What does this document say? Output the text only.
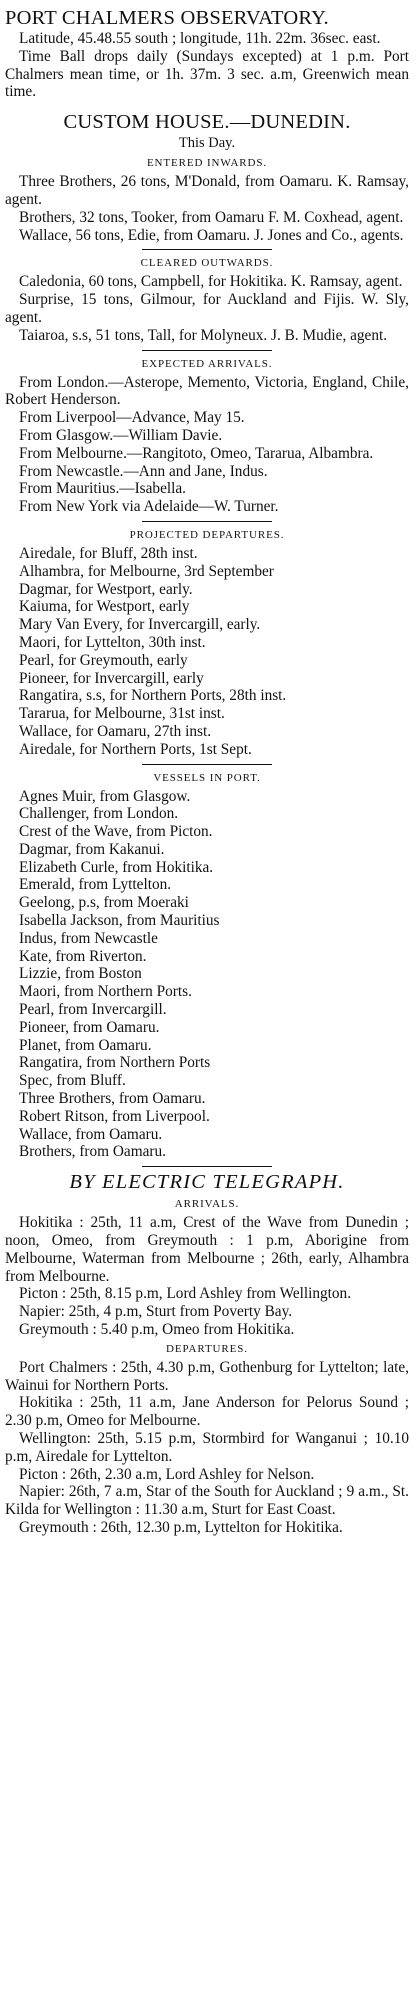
PORT CHALMERS OBSERVATORY.
Latitude, 45.48.55 south ; longitude, 11h. 22m. 36sec. east.
Time Ball drops daily (Sundays excepted) at 1 p.m. Port Chalmers mean time, or 1h. 37m. 3 sec. a.m, Greenwich mean time.
CUSTOM HOUSE.—DUNEDIN.
This Day.
ENTERED INWARDS.
Three Brothers, 26 tons, M'Donald, from Oamaru. K. Ramsay, agent.
Brothers, 32 tons, Tooker, from Oamaru F. M. Coxhead, agent.
Wallace, 56 tons, Edie, from Oamaru. J. Jones and Co., agents.
CLEARED OUTWARDS.
Caledonia, 60 tons, Campbell, for Hokitika. K. Ramsay, agent.
Surprise, 15 tons, Gilmour, for Auckland and Fijis. W. Sly, agent.
Taiaroa, s.s, 51 tons, Tall, for Molyneux. J. B. Mudie, agent.
EXPECTED ARRIVALS.
From London.—Asterope, Memento, Victoria, England, Chile, Robert Henderson.
From Liverpool—Advance, May 15.
From Glasgow.—William Davie.
From Melbourne.—Rangitoto, Omeo, Tararua, Albambra.
From Newcastle.—Ann and Jane, Indus.
From Mauritius.—Isabella.
From New York via Adelaide—W. Turner.
PROJECTED DEPARTURES.
Airedale, for Bluff, 28th inst.
Alhambra, for Melbourne, 3rd September
Dagmar, for Westport, early.
Kaiuma, for Westport, early
Mary Van Every, for Invercargill, early.
Maori, for Lyttelton, 30th inst.
Pearl, for Greymouth, early
Pioneer, for Invercargill, early
Rangatira, s.s, for Northern Ports, 28th inst.
Tararua, for Melbourne, 31st inst.
Wallace, for Oamaru, 27th inst.
Airedale, for Northern Ports, 1st Sept.
VESSELS IN PORT.
Agnes Muir, from Glasgow.
Challenger, from London.
Crest of the Wave, from Picton.
Dagmar, from Kakanui.
Elizabeth Curle, from Hokitika.
Emerald, from Lyttelton.
Geelong, p.s, from Moeraki
Isabella Jackson, from Mauritius
Indus, from Newcastle
Kate, from Riverton.
Lizzie, from Boston
Maori, from Northern Ports.
Pearl, from Invercargill.
Pioneer, from Oamaru.
Planet, from Oamaru.
Rangatira, from Northern Ports
Spec, from Bluff.
Three Brothers, from Oamaru.
Robert Ritson, from Liverpool.
Wallace, from Oamaru.
Brothers, from Oamaru.
BY ELECTRIC TELEGRAPH.
ARRIVALS.
Hokitika : 25th, 11 a.m, Crest of the Wave from Dunedin ; noon, Omeo, from Greymouth : 1 p.m, Aborigine from Melbourne, Waterman from Melbourne ; 26th, early, Alhambra from Melbourne.
Picton : 25th, 8.15 p.m, Lord Ashley from Wellington.
Napier: 25th, 4 p.m, Sturt from Poverty Bay.
Greymouth : 5.40 p.m, Omeo from Hokitika.
DEPARTURES.
Port Chalmers : 25th, 4.30 p.m, Gothenburg for Lyttelton; late, Wainui for Northern Ports.
Hokitika : 25th, 11 a.m, Jane Anderson for Pelorus Sound ; 2.30 p.m, Omeo for Melbourne.
Wellington: 25th, 5.15 p.m, Stormbird for Wanganui ; 10.10 p.m, Airedale for Lyttelton.
Picton : 26th, 2.30 a.m, Lord Ashley for Nelson.
Napier: 26th, 7 a.m, Star of the South for Auckland ; 9 a.m., St. Kilda for Wellington : 11.30 a.m, Sturt for East Coast.
Greymouth : 26th, 12.30 p.m, Lyttelton for Hokitika.
